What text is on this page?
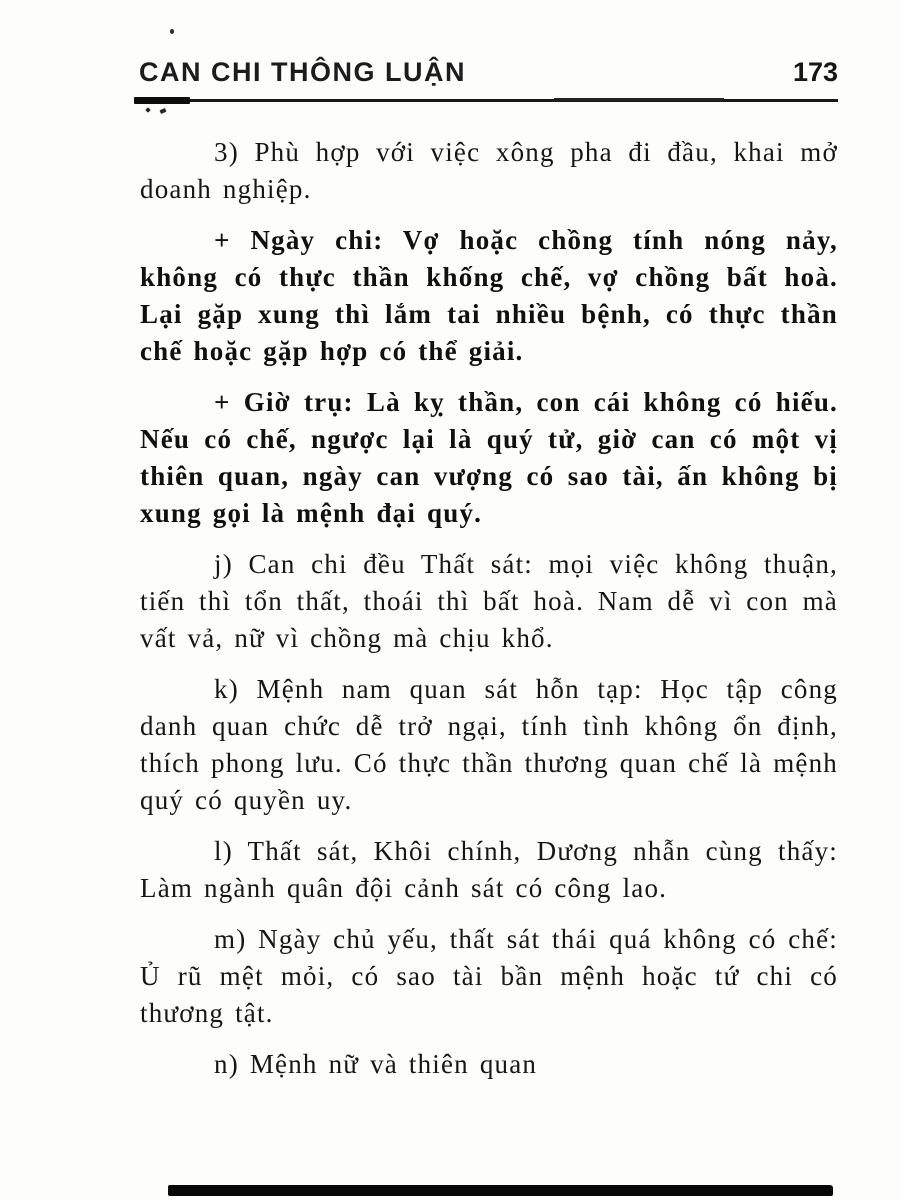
CAN CHI THÔNG LUẬN	173

3) Phù hợp với việc xông pha đi đầu, khai mở doanh nghiệp.

+ Ngày chi: Vợ hoặc chồng tính nóng nảy, không có thực thần khống chế, vợ chồng bất hoà. Lại gặp xung thì lắm tai nhiều bệnh, có thực thần chế hoặc gặp hợp có thể giải.

+ Giờ trụ: Là kỵ thần, con cái không có hiếu. Nếu có chế, ngược lại là quý tử, giờ can có một vị thiên quan, ngày can vượng có sao tài, ấn không bị xung gọi là mệnh đại quý.

j) Can chi đều Thất sát: mọi việc không thuận, tiến thì tổn thất, thoái thì bất hoà. Nam dễ vì con mà vất vả, nữ vì chồng mà chịu khổ.

k) Mệnh nam quan sát hỗn tạp: Học tập công danh quan chức dễ trở ngại, tính tình không ổn định, thích phong lưu. Có thực thần thương quan chế là mệnh quý có quyền uy.

l) Thất sát, Khôi chính, Dương nhẫn cùng thấy: Làm ngành quân đội cảnh sát có công lao.

m) Ngày chủ yếu, thất sát thái quá không có chế: Ủ rũ mệt mỏi, có sao tài bần mệnh hoặc tứ chi có thương tật.

n) Mệnh nữ và thiên quan
